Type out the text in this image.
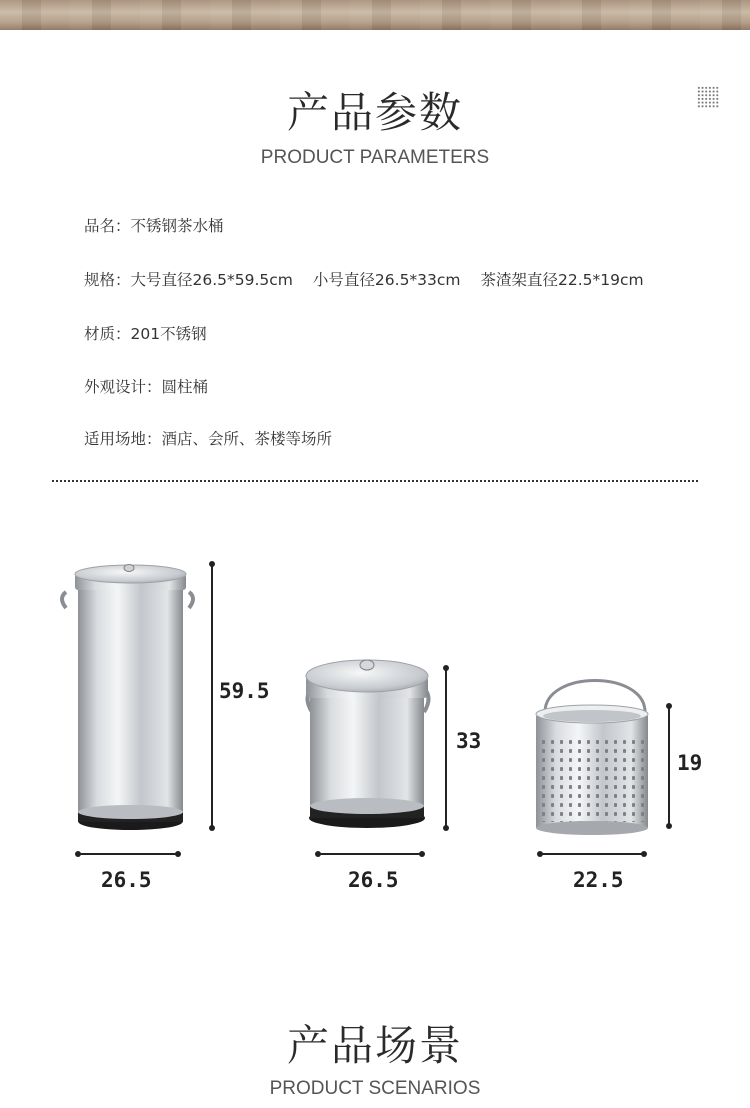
产品参数
PRODUCT PARAMETERS
品名：不锈钢茶水桶
规格：大号直径26.5*59.5cm 小号直径26.5*33cm 茶渣架直径22.5*19cm
材质：201不锈钢
外观设计：圆柱桶
适用场地：酒店、会所、茶楼等场所
59.5
26.5
33
26.5
19
22.5
产品场景
PRODUCT SCENARIOS
